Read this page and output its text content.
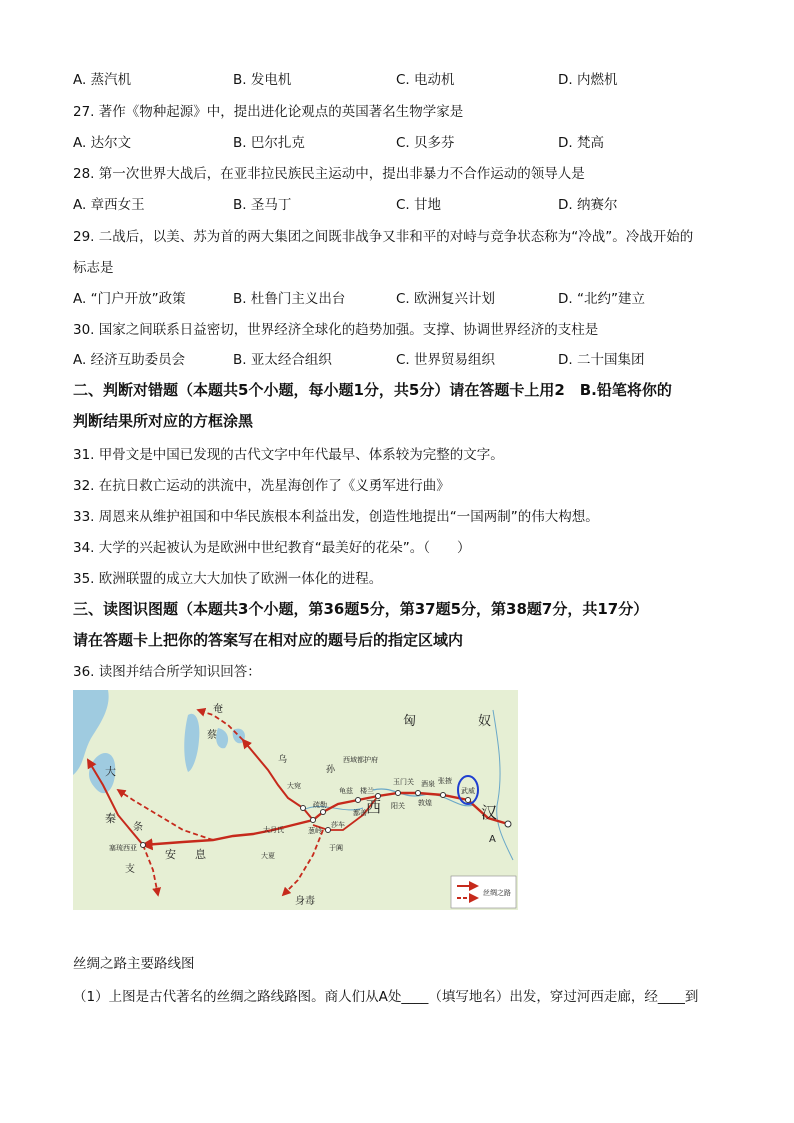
A. 蒸汽机	B. 发电机	C. 电动机	D. 内燃机
27. 著作《物种起源》中，提出进化论观点的英国著名生物学家是
A. 达尔文	B. 巴尔扎克	C. 贝多芬	D. 梵高
28. 第一次世界大战后，在亚非拉民族民主运动中，提出非暴力不合作运动的领导人是
A. 章西女王	B. 圣马丁	C. 甘地	D. 纳赛尔
29. 二战后，以美、苏为首的两大集团之间既非战争又非和平的对峙与竞争状态称为“冷战”。冷战开始的
标志是
A. “门户开放”政策	B. 杜鲁门主义出台	C. 欧洲复兴计划	D. “北约”建立
30. 国家之间联系日益密切，世界经济全球化的趋势加强。支撑、协调世界经济的支柱是
A. 经济互助委员会	B. 亚太经合组织	C. 世界贸易组织	D. 二十国集团
二、判断对错题（本题共5个小题，每小题1分，共5分）请在答题卡上用2　B.铅笔将你的
判断结果所对应的方框涂黑
31. 甲骨文是中国已发现的古代文字中年代最早、体系较为完整的文字。
32. 在抗日救亡运动的洪流中，冼星海创作了《义勇军进行曲》
33. 周恩来从维护祖国和中华民族根本利益出发，创造性地提出“一国两制”的伟大构想。
34. 大学的兴起被认为是欧洲中世纪教育“最美好的花朵”。（　　）
35. 欧洲联盟的成立大大加快了欧洲一体化的进程。
三、读图识图题（本题共3个小题，第36题5分，第37题5分，第38题7分，共17分）
请在答题卡上把你的答案写在相对应的题号后的指定区域内
36. 读图并结合所学知识回答：
匈	奴
奄
蔡
乌
孙
西域都护府
大宛
疏勒
葱岭
莎车
大月氏
大夏
于阗
龟兹 楼兰
玉门关 酒泉 张掖
武威
敦煌
阳关
鄯善 西	汉
A
大
秦
条
支
安 息
塞琉西亚
身毒
丝绸之路
丝绸之路主要路线图
（1）上图是古代著名的丝绸之路线路图。商人们从A处____（填写地名）出发，穿过河西走廊，经____到
